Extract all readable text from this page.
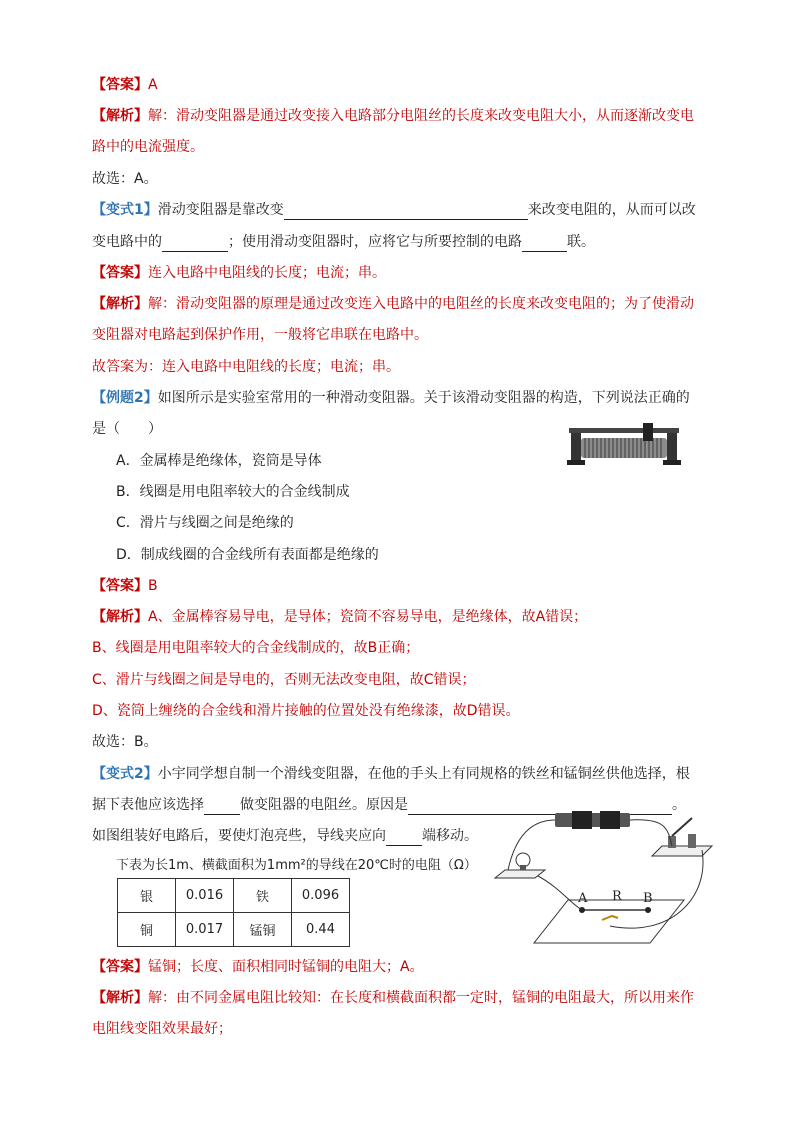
【答案】A
【解析】解：滑动变阻器是通过改变接入电路部分电阻丝的长度来改变电阻大小，从而逐渐改变电
路中的电流强度。
故选：A。
【变式1】滑动变阻器是靠改变	来改变电阻的，从而可以改
变电路中的	；使用滑动变阻器时，应将它与所要控制的电路	联。
【答案】连入电路中电阻线的长度；电流；串。
【解析】解：滑动变阻器的原理是通过改变连入电路中的电阻丝的长度来改变电阻的；为了使滑动
变阻器对电路起到保护作用，一般将它串联在电路中。
故答案为：连入电路中电阻线的长度；电流；串。
【例题2】如图所示是实验室常用的一种滑动变阻器。关于该滑动变阻器的构造，下列说法正确的
是（　　）
A．金属棒是绝缘体，瓷筒是导体
B．线圈是用电阻率较大的合金线制成
C．滑片与线圈之间是绝缘的
D．制成线圈的合金线所有表面都是绝缘的
【答案】B
【解析】A、金属棒容易导电，是导体；瓷筒不容易导电，是绝缘体，故A错误；
B、线圈是用电阻率较大的合金线制成的，故B正确；
C、滑片与线圈之间是导电的，否则无法改变电阻，故C错误；
D、瓷筒上缠绕的合金线和滑片接触的位置处没有绝缘漆，故D错误。
故选：B。
【变式2】小宇同学想自制一个滑线变阻器，在他的手头上有同规格的铁丝和锰铜丝供他选择，根
据下表他应该选择	做变阻器的电阻丝。原因是	。
如图组装好电路后，要使灯泡亮些，导线夹应向	端移动。
下表为长1m、横截面积为1mm²的导线在20℃时的电阻（Ω）
银	0.016	铁	0.096
铜	0.017	锰铜	0.44
A R B
【答案】锰铜；长度、面积相同时锰铜的电阻大；A。
【解析】解：由不同金属电阻比较知：在长度和横截面积都一定时，锰铜的电阻最大，所以用来作
电阻线变阻效果最好；
